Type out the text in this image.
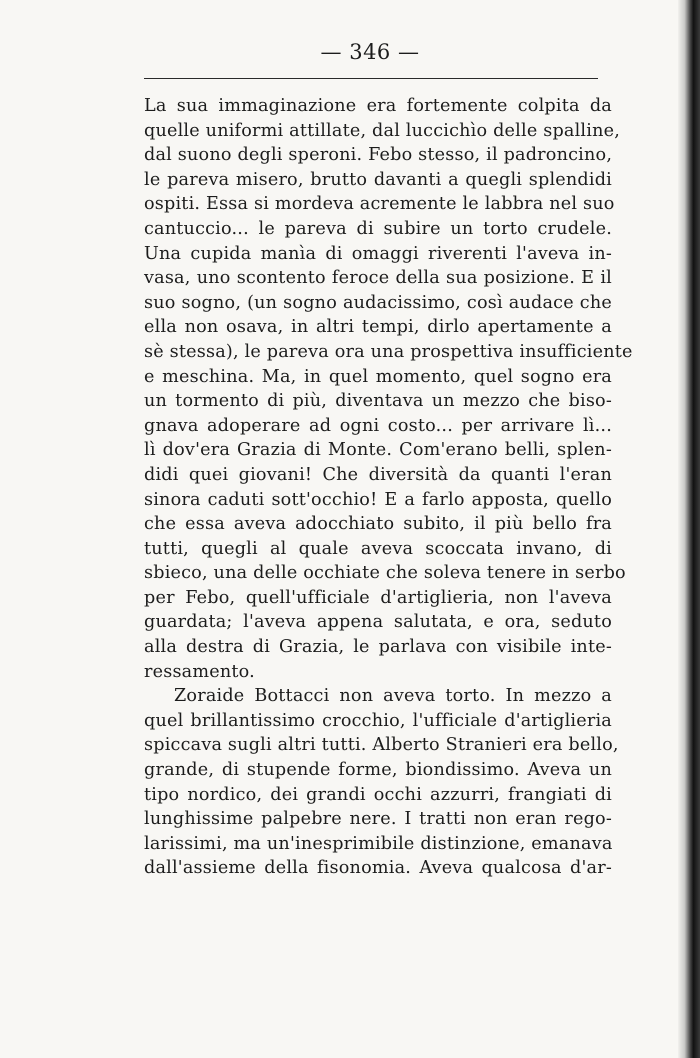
— 346 —
La sua immaginazione era fortemente colpita da
quelle uniformi attillate, dal luccichìo delle spalline,
dal suono degli speroni. Febo stesso, il padroncino,
le pareva misero, brutto davanti a quegli splendidi
ospiti. Essa si mordeva acremente le labbra nel suo
cantuccio... le pareva di subire un torto crudele.
Una cupida manìa di omaggi riverenti l'aveva in-
vasa, uno scontento feroce della sua posizione. E il
suo sogno, (un sogno audacissimo, così audace che
ella non osava, in altri tempi, dirlo apertamente a
sè stessa), le pareva ora una prospettiva insufficiente
e meschina. Ma, in quel momento, quel sogno era
un tormento di più, diventava un mezzo che biso-
gnava adoperare ad ogni costo... per arrivare lì...
lì dov'era Grazia di Monte. Com'erano belli, splen-
didi quei giovani! Che diversità da quanti l'eran
sinora caduti sott'occhio! E a farlo apposta, quello
che essa aveva adocchiato subito, il più bello fra
tutti, quegli al quale aveva scoccata invano, di
sbieco, una delle occhiate che soleva tenere in serbo
per Febo, quell'ufficiale d'artiglieria, non l'aveva
guardata; l'aveva appena salutata, e ora, seduto
alla destra di Grazia, le parlava con visibile inte-
ressamento.
Zoraide Bottacci non aveva torto. In mezzo a
quel brillantissimo crocchio, l'ufficiale d'artiglieria
spiccava sugli altri tutti. Alberto Stranieri era bello,
grande, di stupende forme, biondissimo. Aveva un
tipo nordico, dei grandi occhi azzurri, frangiati di
lunghissime palpebre nere. I tratti non eran rego-
larissimi, ma un'inesprimibile distinzione, emanava
dall'assieme della fisonomia. Aveva qualcosa d'ar-
